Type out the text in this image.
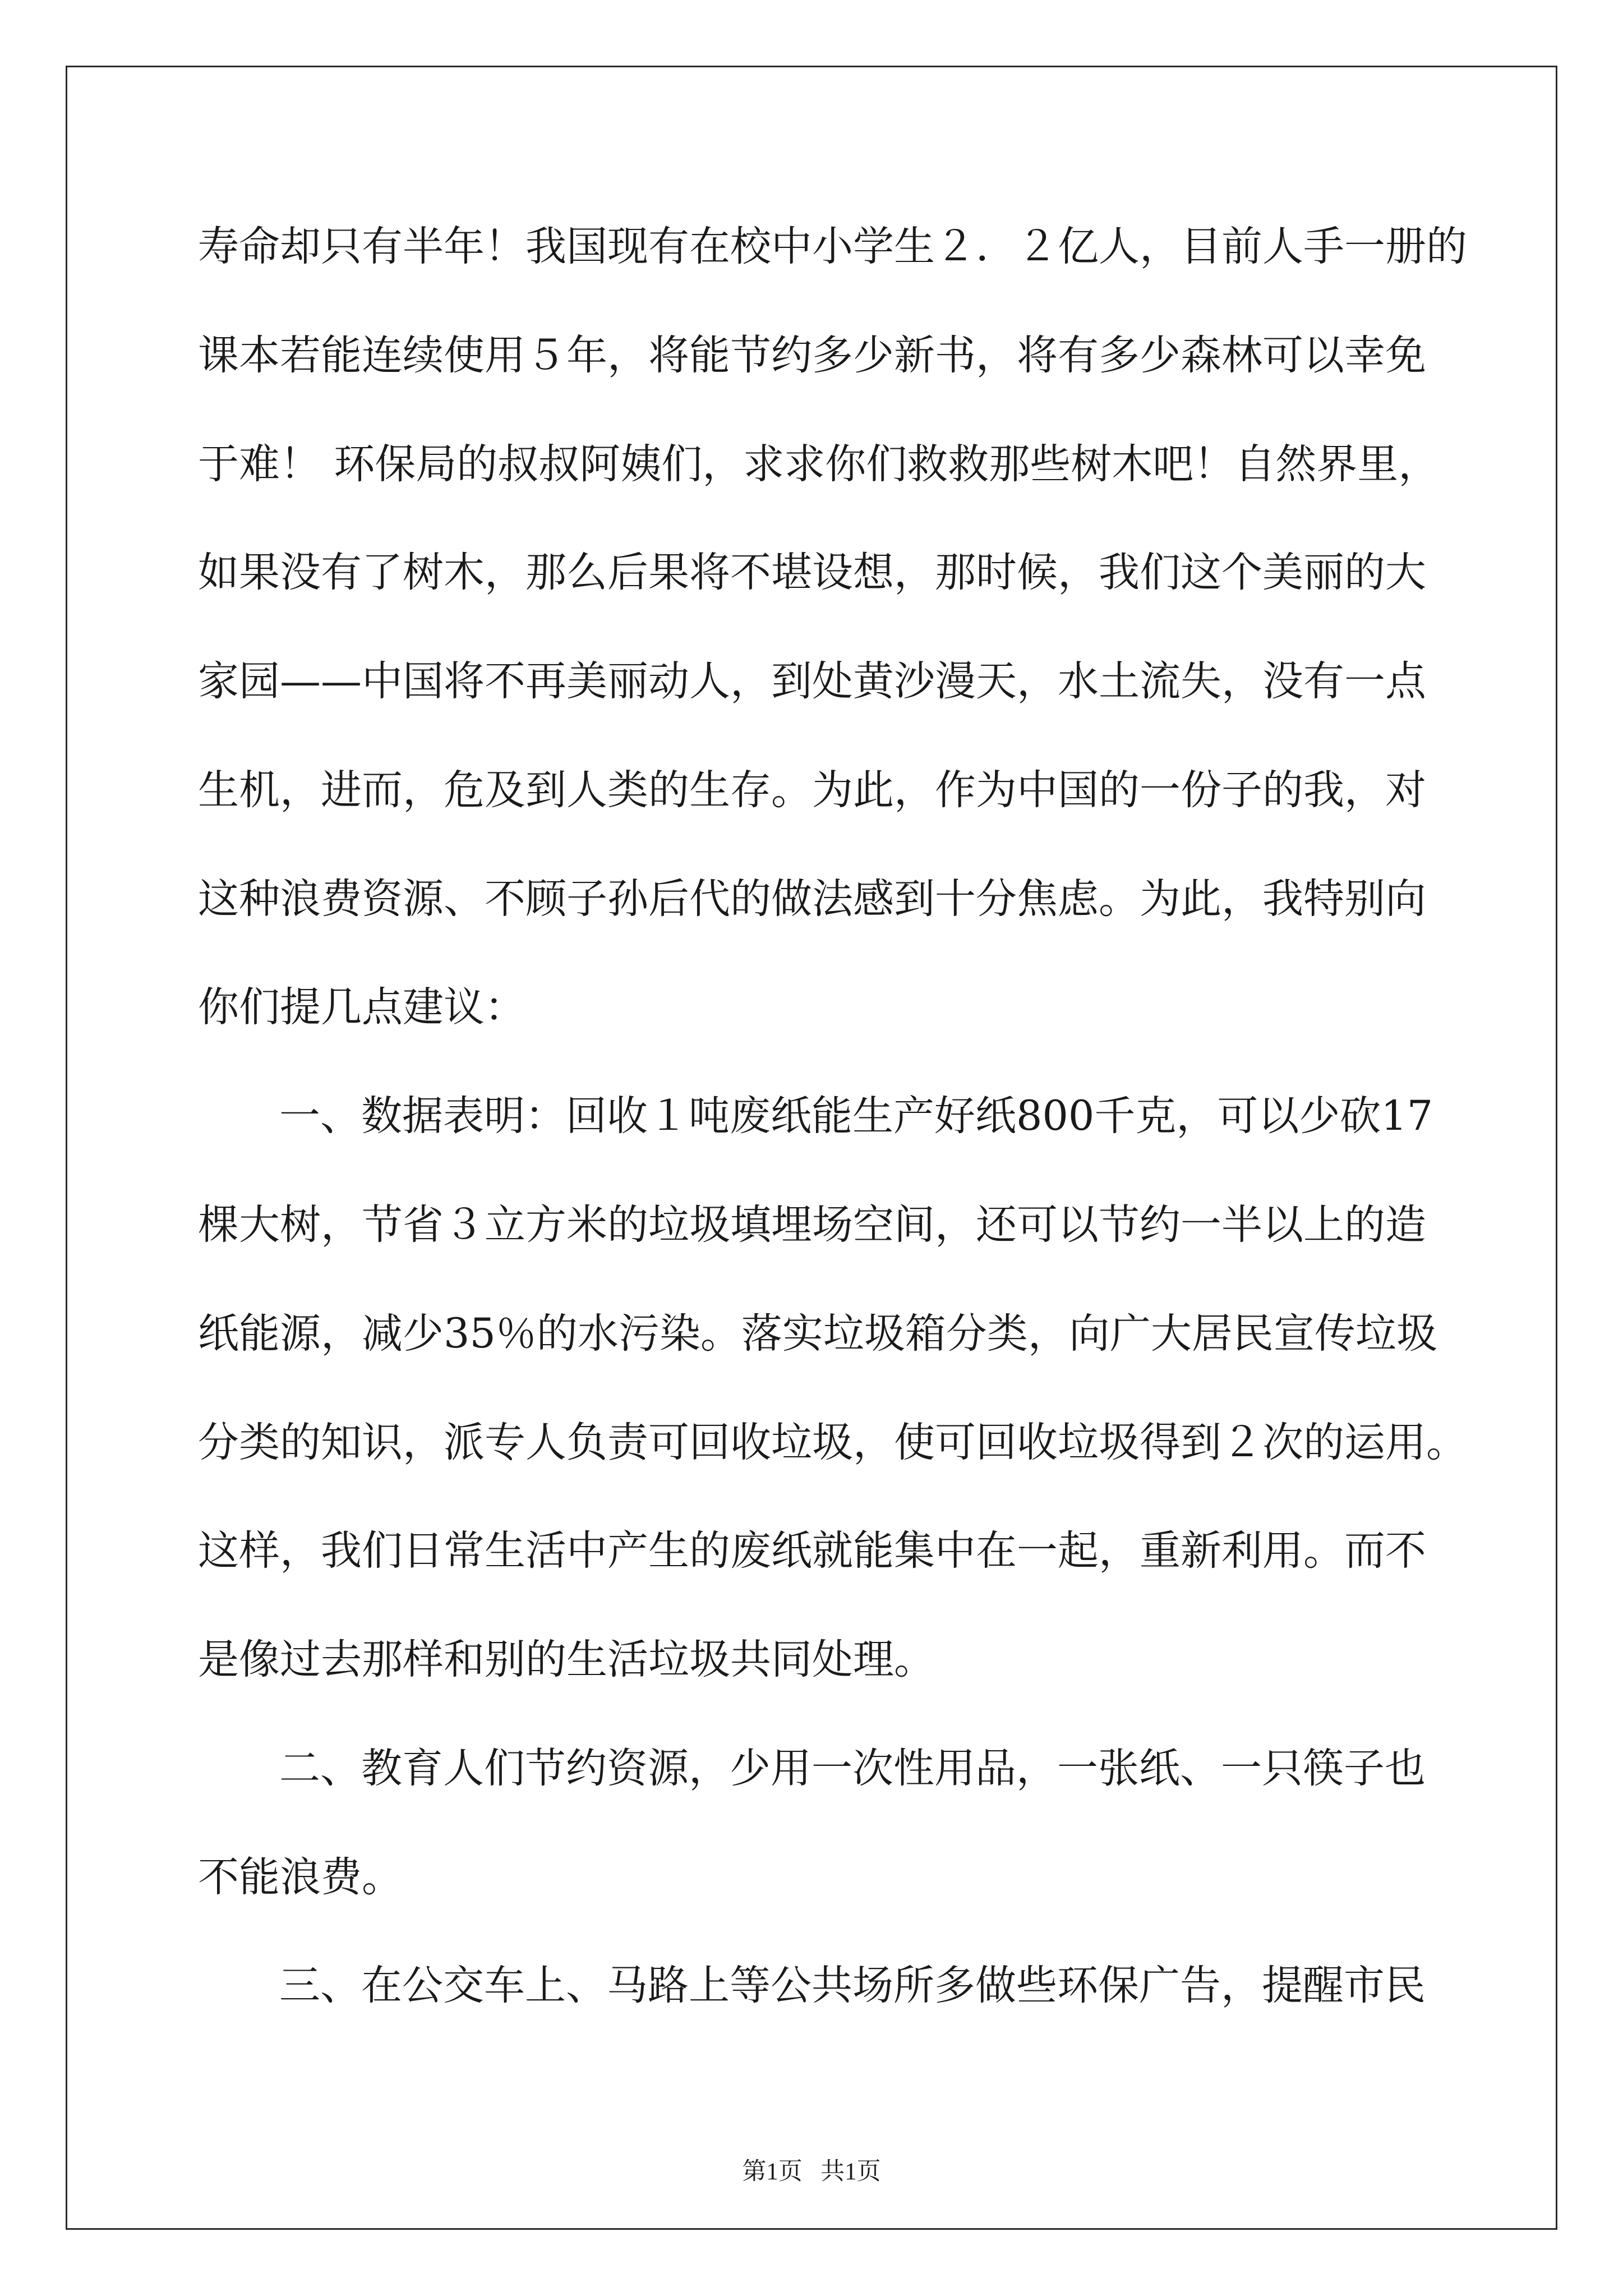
寿命却只有半年！我国现有在校中小学生２．２亿人，目前人手一册的
课本若能连续使用５年，将能节约多少新书，将有多少森林可以幸免
于难！ 环保局的叔叔阿姨们，求求你们救救那些树木吧！自然界里，
如果没有了树木，那么后果将不堪设想，那时候，我们这个美丽的大
家园——中国将不再美丽动人，到处黄沙漫天，水土流失，没有一点
生机，进而，危及到人类的生存。为此，作为中国的一份子的我，对
这种浪费资源、不顾子孙后代的做法感到十分焦虑。为此，我特别向
你们提几点建议：
一、数据表明：回收１吨废纸能生产好纸800千克，可以少砍17
棵大树，节省３立方米的垃圾填埋场空间，还可以节约一半以上的造
纸能源，减少35％的水污染。落实垃圾箱分类，向广大居民宣传垃圾
分类的知识，派专人负责可回收垃圾，使可回收垃圾得到２次的运用。
这样，我们日常生活中产生的废纸就能集中在一起，重新利用。而不
是像过去那样和别的生活垃圾共同处理。
二、教育人们节约资源，少用一次性用品，一张纸、一只筷子也
不能浪费。
三、在公交车上、马路上等公共场所多做些环保广告，提醒市民
第1页   共1页
